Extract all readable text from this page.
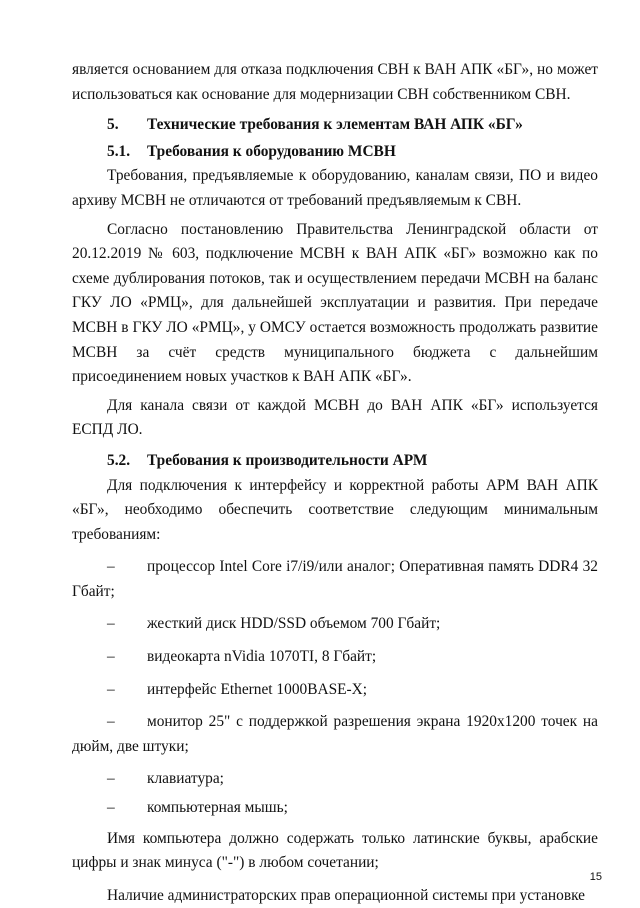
является основанием для отказа подключения СВН к ВАН АПК «БГ», но может использоваться как основание для модернизации СВН собственником СВН.

5. Технические требования к элементам ВАН АПК «БГ»
5.1. Требования к оборудованию МСВН

Требования, предъявляемые к оборудованию, каналам связи, ПО и видео архиву МСВН не отличаются от требований предъявляемым к СВН.

Согласно постановлению Правительства Ленинградской области от 20.12.2019 № 603, подключение МСВН к ВАН АПК «БГ» возможно как по схеме дублирования потоков, так и осуществлением передачи МСВН на баланс ГКУ ЛО «РМЦ», для дальнейшей эксплуатации и развития. При передаче МСВН в ГКУ ЛО «РМЦ», у ОМСУ остается возможность продолжать развитие МСВН за счёт средств муниципального бюджета с дальнейшим присоединением новых участков к ВАН АПК «БГ».

Для канала связи от каждой МСВН до ВАН АПК «БГ» используется ЕСПД ЛО.

5.2. Требования к производительности АРМ

Для подключения к интерфейсу и корректной работы АРМ ВАН АПК «БГ», необходимо обеспечить соответствие следующим минимальным требованиям:

– процессор Intel Core i7/i9/или аналог; Оперативная память DDR4 32 Гбайт;
– жесткий диск HDD/SSD объемом 700 Гбайт;
– видеокарта nVidia 1070TI, 8 Гбайт;
– интерфейс Ethernet 1000BASE-X;
– монитор 25" с поддержкой разрешения экрана 1920x1200 точек на дюйм, две штуки;
– клавиатура;
– компьютерная мышь;

Имя компьютера должно содержать только латинские буквы, арабские цифры и знак минуса ("-") в любом сочетании;

Наличие администраторских прав операционной системы при установке

15
